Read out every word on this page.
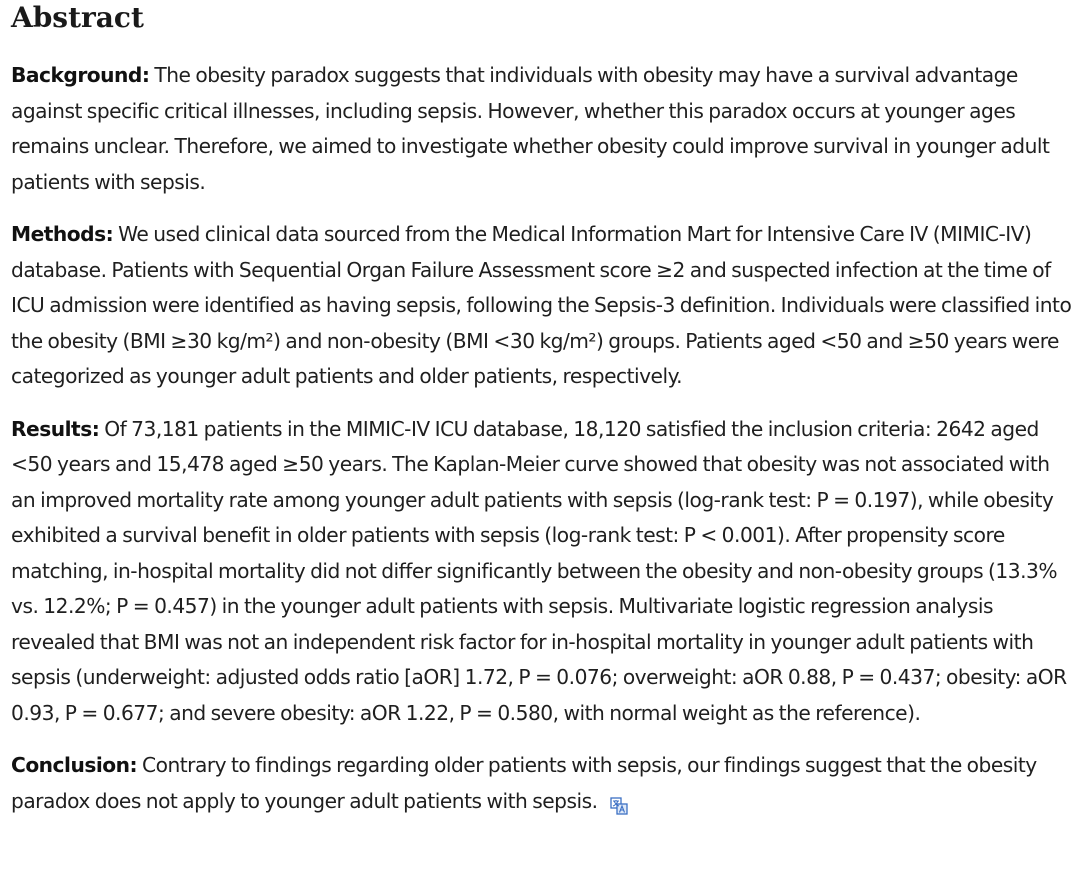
Abstract

Background: The obesity paradox suggests that individuals with obesity may have a survival advantage against specific critical illnesses, including sepsis. However, whether this paradox occurs at younger ages remains unclear. Therefore, we aimed to investigate whether obesity could improve survival in younger adult patients with sepsis.

Methods: We used clinical data sourced from the Medical Information Mart for Intensive Care IV (MIMIC-IV) database. Patients with Sequential Organ Failure Assessment score ≥2 and suspected infection at the time of ICU admission were identified as having sepsis, following the Sepsis-3 definition. Individuals were classified into the obesity (BMI ≥30 kg/m²) and non-obesity (BMI <30 kg/m²) groups. Patients aged <50 and ≥50 years were categorized as younger adult patients and older patients, respectively.

Results: Of 73,181 patients in the MIMIC-IV ICU database, 18,120 satisfied the inclusion criteria: 2642 aged <50 years and 15,478 aged ≥50 years. The Kaplan-Meier curve showed that obesity was not associated with an improved mortality rate among younger adult patients with sepsis (log-rank test: P = 0.197), while obesity exhibited a survival benefit in older patients with sepsis (log-rank test: P < 0.001). After propensity score matching, in-hospital mortality did not differ significantly between the obesity and non-obesity groups (13.3% vs. 12.2%; P = 0.457) in the younger adult patients with sepsis. Multivariate logistic regression analysis revealed that BMI was not an independent risk factor for in-hospital mortality in younger adult patients with sepsis (underweight: adjusted odds ratio [aOR] 1.72, P = 0.076; overweight: aOR 0.88, P = 0.437; obesity: aOR 0.93, P = 0.677; and severe obesity: aOR 1.22, P = 0.580, with normal weight as the reference).

Conclusion: Contrary to findings regarding older patients with sepsis, our findings suggest that the obesity paradox does not apply to younger adult patients with sepsis.
